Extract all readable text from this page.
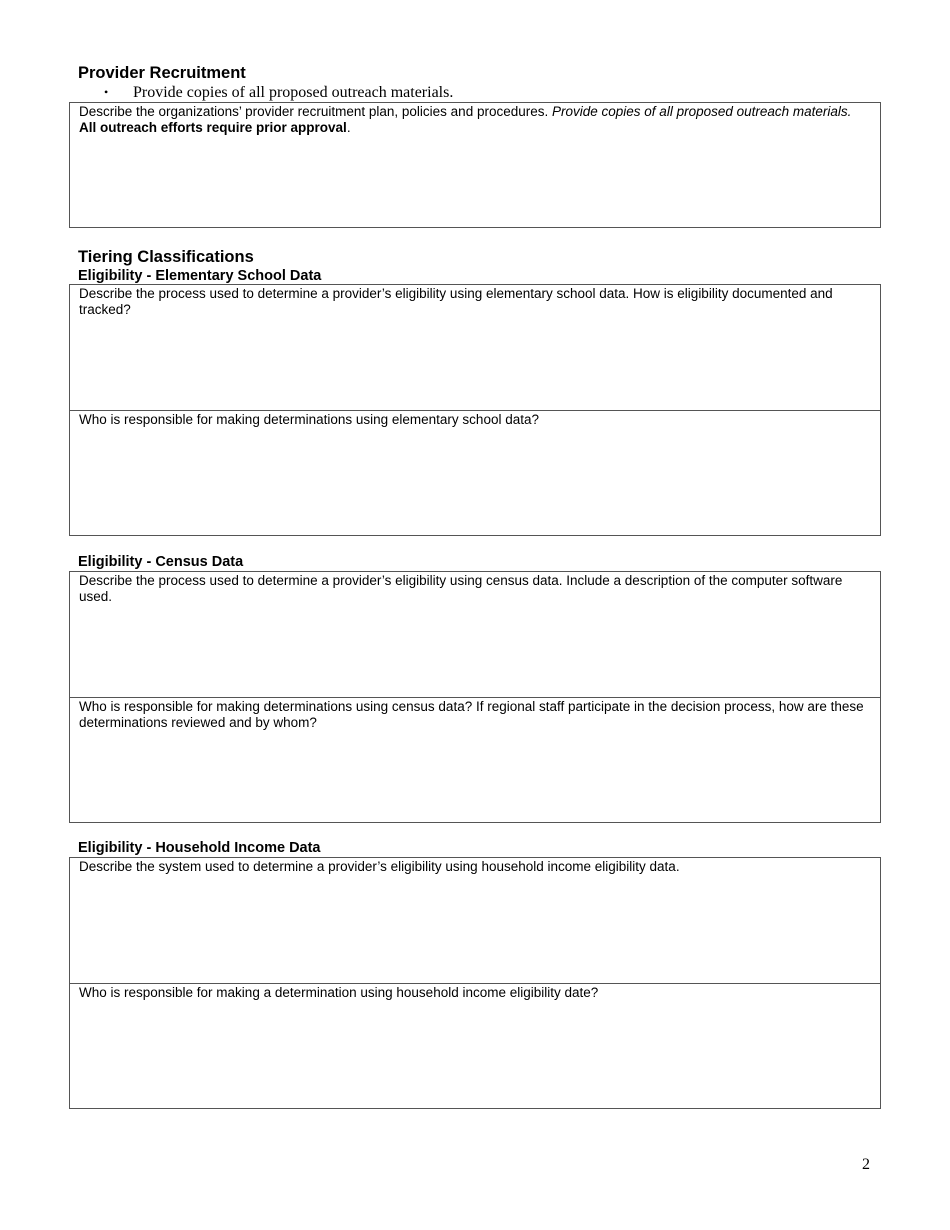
Provider Recruitment
• Provide copies of all proposed outreach materials.
Describe the organizations’ provider recruitment plan, policies and procedures. Provide copies of all proposed outreach materials. All outreach efforts require prior approval.
Tiering Classifications
Eligibility - Elementary School Data
Describe the process used to determine a provider’s eligibility using elementary school data. How is eligibility documented and tracked?
Who is responsible for making determinations using elementary school data?
Eligibility - Census Data
Describe the process used to determine a provider’s eligibility using census data. Include a description of the computer software used.
Who is responsible for making determinations using census data? If regional staff participate in the decision process, how are these determinations reviewed and by whom?
Eligibility - Household Income Data
Describe the system used to determine a provider’s eligibility using household income eligibility data.
Who is responsible for making a determination using household income eligibility date?
2
